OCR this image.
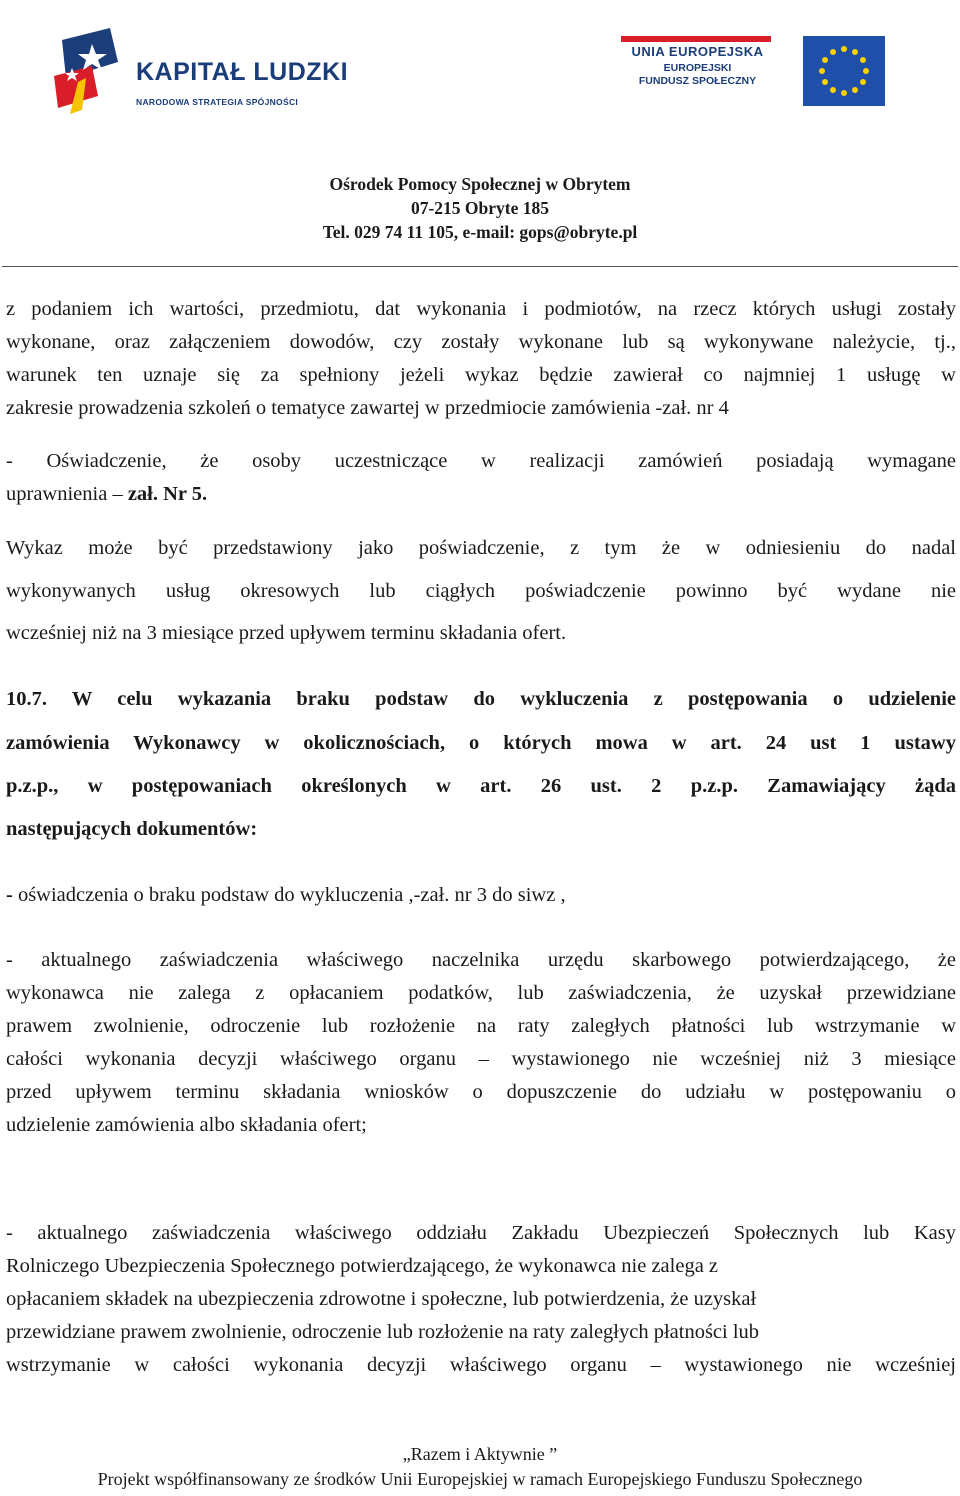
KAPITAŁ LUDZKI
NARODOWA STRATEGIA SPÓJNOŚCI
UNIA EUROPEJSKA
EUROPEJSKI
FUNDUSZ SPOŁECZNY
Ośrodek Pomocy Społecznej w Obrytem
07-215 Obryte 185
Tel. 029 74 11 105, e-mail: gops@obryte.pl
z podaniem ich wartości, przedmiotu, dat wykonania i podmiotów, na rzecz których usługi zostały
wykonane, oraz załączeniem dowodów, czy zostały wykonane lub są wykonywane należycie, tj.,
warunek ten uznaje się za spełniony jeżeli wykaz będzie zawierał co najmniej 1 usługę w
zakresie prowadzenia szkoleń o tematyce zawartej w przedmiocie zamówienia -zał. nr 4
- Oświadczenie, że osoby uczestniczące w realizacji zamówień posiadają wymagane
uprawnienia – zał. Nr 5.
Wykaz może być przedstawiony jako poświadczenie, z tym że w odniesieniu do nadal
wykonywanych usług okresowych lub ciągłych poświadczenie powinno być wydane nie
wcześniej niż na 3 miesiące przed upływem terminu składania ofert.
10.7. W celu wykazania braku podstaw do wykluczenia z postępowania o udzielenie
zamówienia Wykonawcy w okolicznościach, o których mowa w art. 24 ust 1 ustawy
p.z.p., w postępowaniach określonych w art. 26 ust. 2 p.z.p. Zamawiający żąda
następujących dokumentów:
- oświadczenia o braku podstaw do wykluczenia ,-zał. nr 3 do siwz ,
- aktualnego zaświadczenia właściwego naczelnika urzędu skarbowego potwierdzającego, że
wykonawca nie zalega z opłacaniem podatków, lub zaświadczenia, że uzyskał przewidziane
prawem zwolnienie, odroczenie lub rozłożenie na raty zaległych płatności lub wstrzymanie w
całości wykonania decyzji właściwego organu – wystawionego nie wcześniej niż 3 miesiące
przed upływem terminu składania wniosków o dopuszczenie do udziału w postępowaniu o
udzielenie zamówienia albo składania ofert;
- aktualnego zaświadczenia właściwego oddziału Zakładu Ubezpieczeń Społecznych lub Kasy
Rolniczego Ubezpieczenia Społecznego potwierdzającego, że wykonawca nie zalega z
opłacaniem składek na ubezpieczenia zdrowotne i społeczne, lub potwierdzenia, że uzyskał
przewidziane prawem zwolnienie, odroczenie lub rozłożenie na raty zaległych płatności lub
wstrzymanie w całości wykonania decyzji właściwego organu – wystawionego nie wcześniej
„Razem i Aktywnie ”
Projekt współfinansowany ze środków Unii Europejskiej w ramach Europejskiego Funduszu Społecznego
